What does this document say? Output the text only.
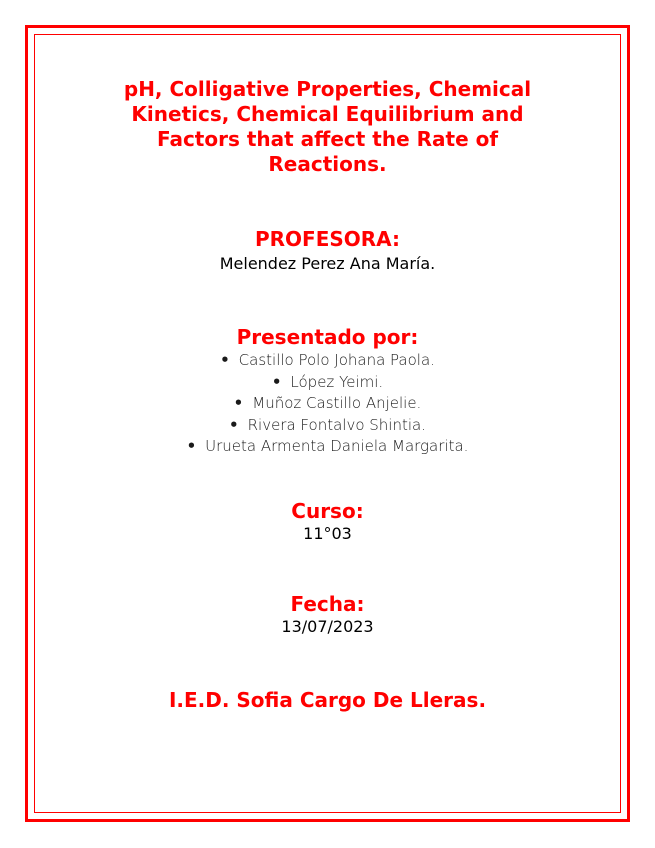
pH, Colligative Properties, Chemical Kinetics, Chemical Equilibrium and Factors that affect the Rate of Reactions.
PROFESORA:

Melendez Perez Ana María.

Presentado por:
• Castillo Polo Johana Paola.
• López Yeimi.
• Muñoz Castillo Anjelie.
• Rivera Fontalvo Shintia.
• Urueta Armenta Daniela Margarita.
Curso:

11°03

Fecha:

13/07/2023

I.E.D. Sofia Cargo De Lleras.
